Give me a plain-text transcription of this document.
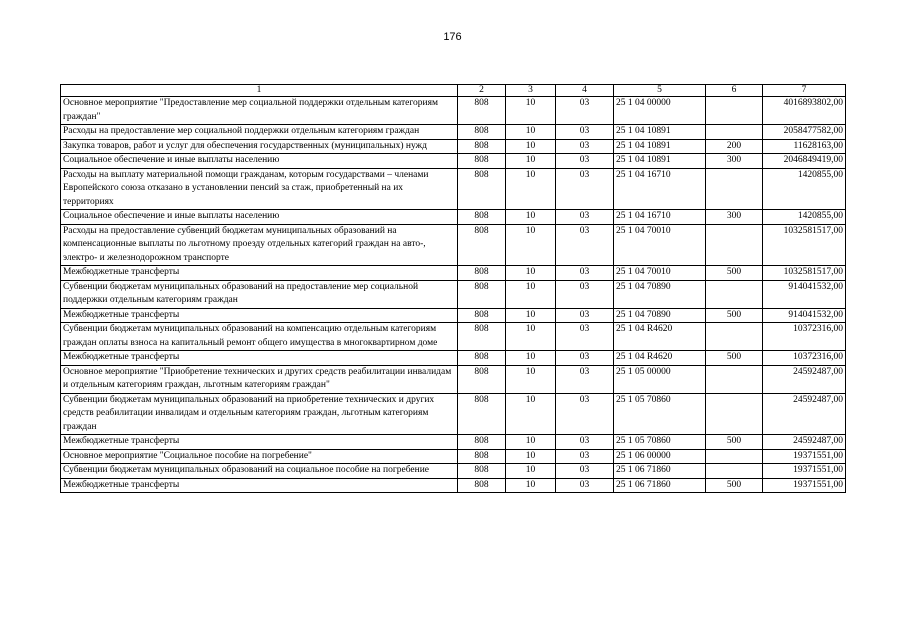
176
1	2	3	4	5	6	7
Основное мероприятие "Предоставление мер социальной поддержки отдельным категориям граждан"	808	10	03	25 1 04 00000		4016893802,00
Расходы на предоставление мер социальной поддержки отдельным категориям граждан	808	10	03	25 1 04 10891		2058477582,00
Закупка товаров, работ и услуг для обеспечения государственных (муниципальных) нужд	808	10	03	25 1 04 10891	200	11628163,00
Социальное обеспечение и иные выплаты населению	808	10	03	25 1 04 10891	300	2046849419,00
Расходы на выплату материальной помощи гражданам, которым государствами – членами Европейского союза отказано в установлении пенсий за стаж, приобретенный на их территориях	808	10	03	25 1 04 16710		1420855,00
Социальное обеспечение и иные выплаты населению	808	10	03	25 1 04 16710	300	1420855,00
Расходы на предоставление субвенций бюджетам муниципальных образований на компенсационные выплаты по льготному проезду отдельных категорий граждан на авто-, электро- и железнодорожном транспорте	808	10	03	25 1 04 70010		1032581517,00
Межбюджетные трансферты	808	10	03	25 1 04 70010	500	1032581517,00
Субвенции бюджетам муниципальных образований на предоставление мер социальной поддержки отдельным категориям граждан	808	10	03	25 1 04 70890		914041532,00
Межбюджетные трансферты	808	10	03	25 1 04 70890	500	914041532,00
Субвенции бюджетам муниципальных образований на компенсацию отдельным категориям граждан оплаты взноса на капитальный ремонт общего имущества в многоквартирном доме	808	10	03	25 1 04 R4620		10372316,00
Межбюджетные трансферты	808	10	03	25 1 04 R4620	500	10372316,00
Основное мероприятие "Приобретение технических и других средств реабилитации инвалидам и отдельным категориям граждан, льготным категориям граждан"	808	10	03	25 1 05 00000		24592487,00
Субвенции бюджетам муниципальных образований на приобретение технических и других средств реабилитации инвалидам и отдельным категориям граждан, льготным категориям граждан	808	10	03	25 1 05 70860		24592487,00
Межбюджетные трансферты	808	10	03	25 1 05 70860	500	24592487,00
Основное мероприятие "Социальное пособие на погребение"	808	10	03	25 1 06 00000		19371551,00
Субвенции бюджетам муниципальных образований на социальное пособие на погребение	808	10	03	25 1 06 71860		19371551,00
Межбюджетные трансферты	808	10	03	25 1 06 71860	500	19371551,00
